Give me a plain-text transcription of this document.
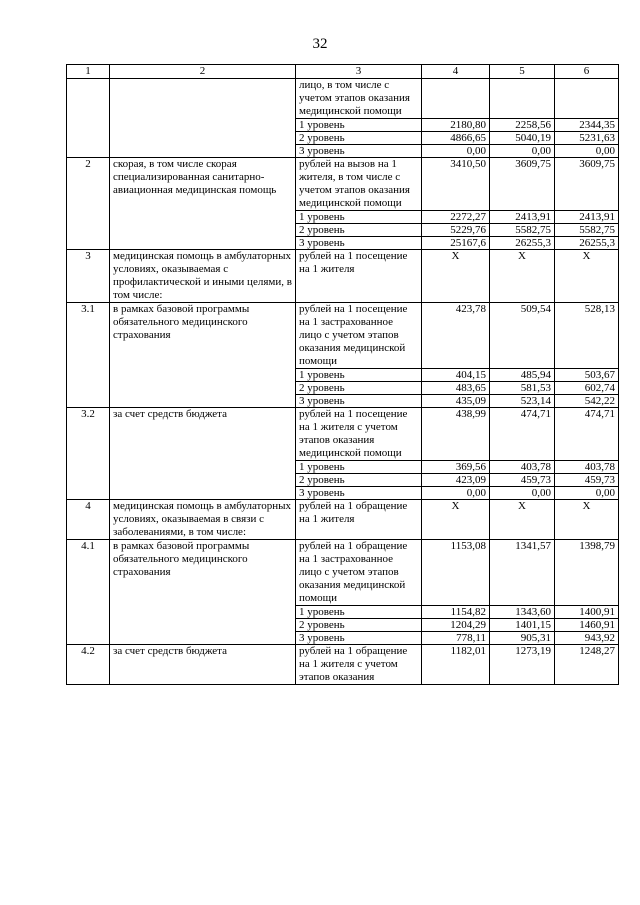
32
1	2	3	4	5	6
		лицо, в том числе с учетом этапов оказания медицинской помощи			
		1 уровень	2180,80	2258,56	2344,35
		2 уровень	4866,65	5040,19	5231,63
		3 уровень	0,00	0,00	0,00
2	скорая, в том числе скорая специализированная санитарно-авиационная медицинская помощь	рублей на вызов на 1 жителя, в том числе с учетом этапов оказания медицинской помощи	3410,50	3609,75	3609,75
		1 уровень	2272,27	2413,91	2413,91
		2 уровень	5229,76	5582,75	5582,75
		3 уровень	25167,6	26255,3	26255,3
3	медицинская помощь в амбулаторных условиях, оказываемая с профилактической и иными целями, в том числе:	рублей на 1 посещение на 1 жителя	X	X	X
3.1	в рамках базовой программы обязательного медицинского страхования	рублей на 1 посещение на 1 застрахованное лицо с учетом этапов оказания медицинской помощи	423,78	509,54	528,13
		1 уровень	404,15	485,94	503,67
		2 уровень	483,65	581,53	602,74
		3 уровень	435,09	523,14	542,22
3.2	за счет средств бюджета	рублей на 1 посещение на 1 жителя с учетом этапов оказания медицинской помощи	438,99	474,71	474,71
		1 уровень	369,56	403,78	403,78
		2 уровень	423,09	459,73	459,73
		3 уровень	0,00	0,00	0,00
4	медицинская помощь в амбулаторных условиях, оказываемая в связи с заболеваниями, в том числе:	рублей на 1 обращение на 1 жителя	X	X	X
4.1	в рамках базовой программы обязательного медицинского страхования	рублей на 1 обращение на 1 застрахованное лицо с учетом этапов оказания медицинской помощи	1153,08	1341,57	1398,79
		1 уровень	1154,82	1343,60	1400,91
		2 уровень	1204,29	1401,15	1460,91
		3 уровень	778,11	905,31	943,92
4.2	за счет средств бюджета	рублей на 1 обращение на 1 жителя с учетом этапов оказания	1182,01	1273,19	1248,27
